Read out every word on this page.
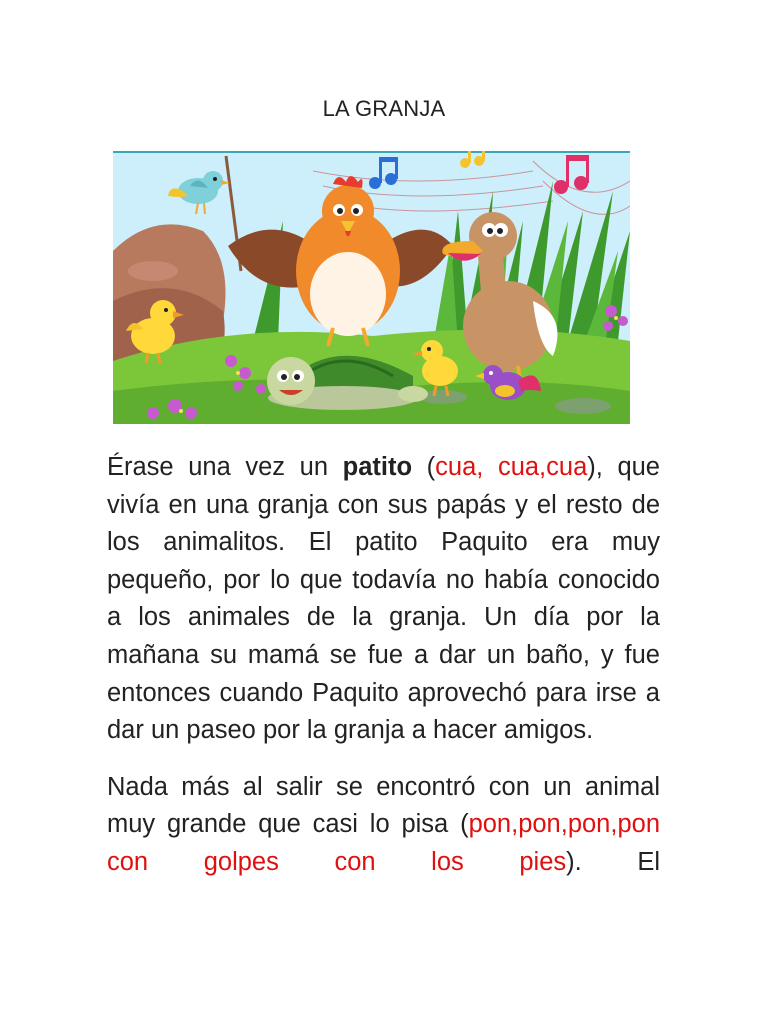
LA GRANJA

Érase una vez un patito (cua, cua,cua), que vivía en una granja con sus papás y el resto de los animalitos. El patito Paquito era muy pequeño, por lo que todavía no había conocido a los animales de la granja. Un día por la mañana su mamá se fue a dar un baño, y fue entonces cuando Paquito aprovechó para irse a dar un paseo por la granja a hacer amigos.

Nada más al salir se encontró con un animal muy grande que casi lo pisa (pon,pon,pon,pon con golpes con los pies). El
